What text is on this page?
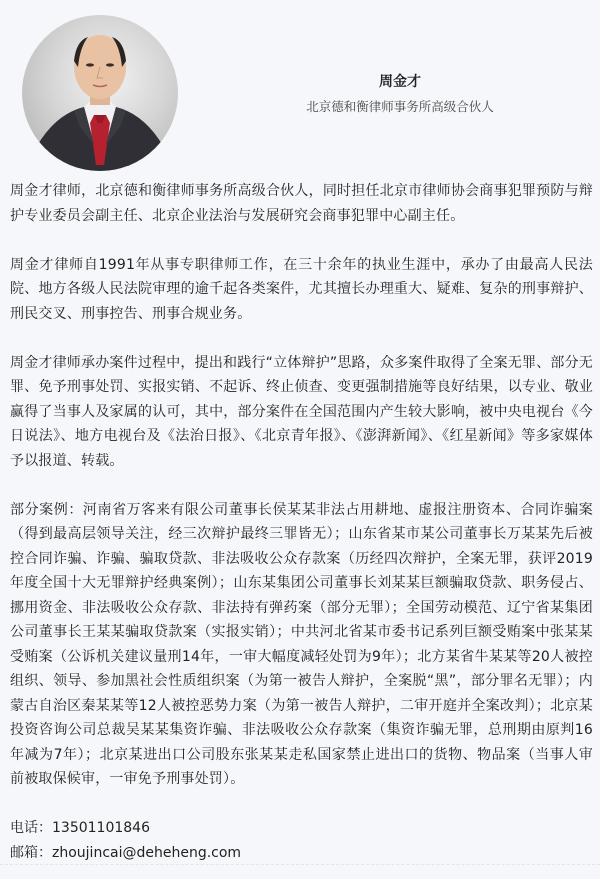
周金才
北京德和衡律师事务所高级合伙人

周金才律师，北京德和衡律师事务所高级合伙人，同时担任北京市律师协会商事犯罪预防与辩护专业委员会副主任、北京企业法治与发展研究会商事犯罪中心副主任。

周金才律师自1991年从事专职律师工作，在三十余年的执业生涯中，承办了由最高人民法院、地方各级人民法院审理的逾千起各类案件，尤其擅长办理重大、疑难、复杂的刑事辩护、刑民交叉、刑事控告、刑事合规业务。

周金才律师承办案件过程中，提出和践行“立体辩护”思路，众多案件取得了全案无罪、部分无罪、免予刑事处罚、实报实销、不起诉、终止侦查、变更强制措施等良好结果，以专业、敬业赢得了当事人及家属的认可，其中，部分案件在全国范围内产生较大影响，被中央电视台《今日说法》、地方电视台及《法治日报》、《北京青年报》、《澎湃新闻》、《红星新闻》等多家媒体予以报道、转载。

部分案例：河南省万客来有限公司董事长侯某某非法占用耕地、虚报注册资本、合同诈骗案（得到最高层领导关注，经三次辩护最终三罪皆无）；山东省某市某公司董事长万某某先后被控合同诈骗、诈骗、骗取贷款、非法吸收公众存款案（历经四次辩护，全案无罪，获评2019年度全国十大无罪辩护经典案例）；山东某集团公司董事长刘某某巨额骗取贷款、职务侵占、挪用资金、非法吸收公众存款、非法持有弹药案（部分无罪）；全国劳动模范、辽宁省某集团公司董事长王某某骗取贷款案（实报实销）；中共河北省某市委书记系列巨额受贿案中张某某受贿案（公诉机关建议量刑14年，一审大幅度减轻处罚为9年）；北方某省牛某某等20人被控组织、领导、参加黑社会性质组织案（为第一被告人辩护，全案脱“黑”，部分罪名无罪）；内蒙古自治区秦某某等12人被控恶势力案（为第一被告人辩护，二审开庭并全案改判）；北京某投资咨询公司总裁吴某某集资诈骗、非法吸收公众存款案（集资诈骗无罪，总刑期由原判16年减为7年）；北京某进出口公司股东张某某走私国家禁止进出口的货物、物品案（当事人审前被取保候审，一审免予刑事处罚）。

电话：13501101846
邮箱：zhoujincai@deheheng.com
